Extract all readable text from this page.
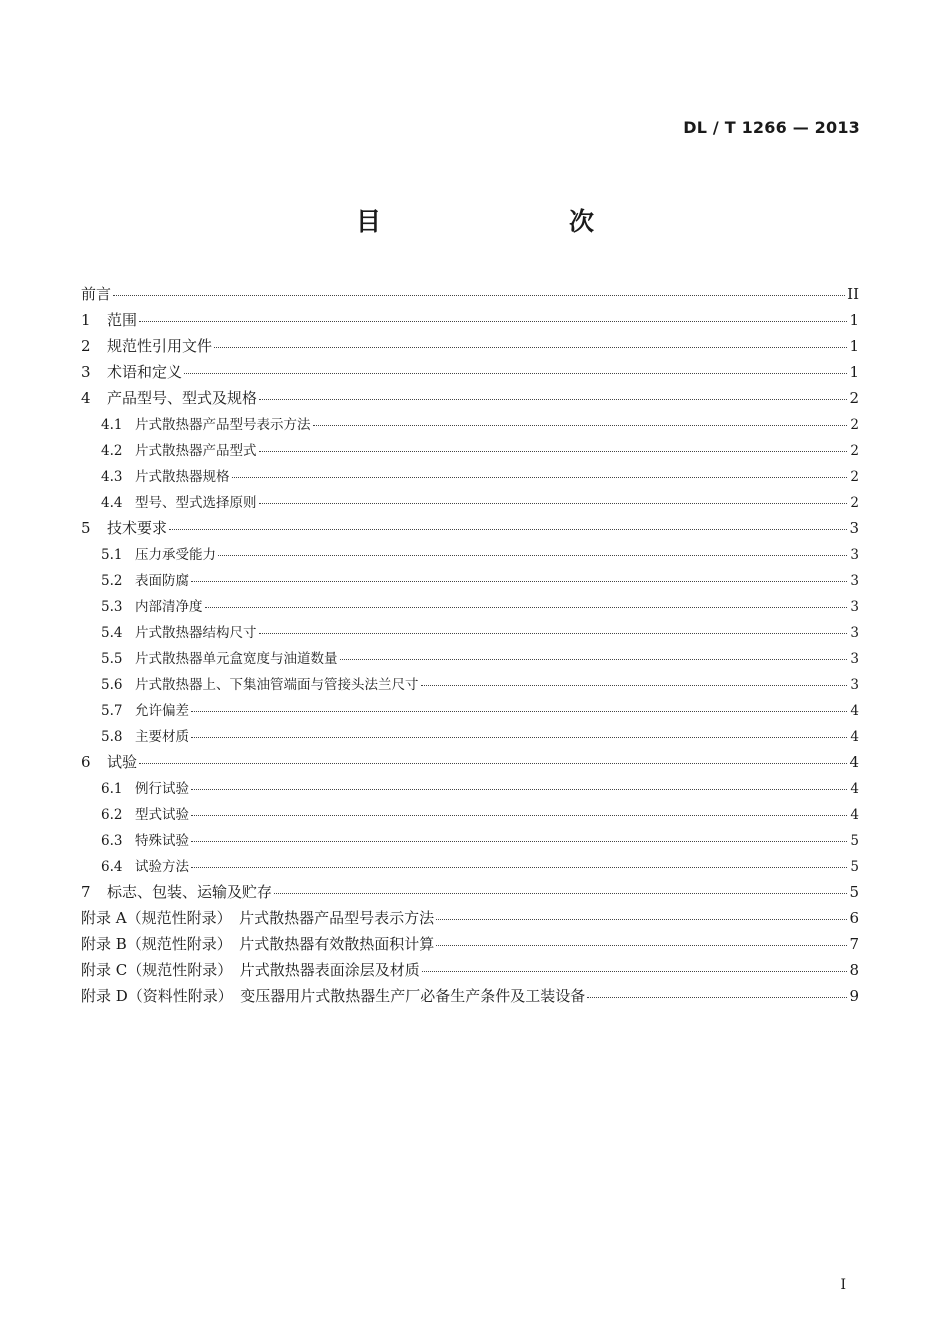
DL / T 1266 — 2013
目　　次
前言	II
1	范围	1
2	规范性引用文件	1
3	术语和定义	1
4	产品型号、型式及规格	2
4.1 片式散热器产品型号表示方法	2
4.2 片式散热器产品型式	2
4.3 片式散热器规格	2
4.4 型号、型式选择原则	2
5	技术要求	3
5.1 压力承受能力	3
5.2 表面防腐	3
5.3 内部清净度	3
5.4 片式散热器结构尺寸	3
5.5 片式散热器单元盒宽度与油道数量	3
5.6 片式散热器上、下集油管端面与管接头法兰尺寸	3
5.7 允许偏差	4
5.8 主要材质	4
6	试验	4
6.1 例行试验	4
6.2 型式试验	4
6.3 特殊试验	5
6.4 试验方法	5
7	标志、包装、运输及贮存	5
附录 A（规范性附录）　片式散热器产品型号表示方法	6
附录 B（规范性附录）　片式散热器有效散热面积计算	7
附录 C（规范性附录）　片式散热器表面涂层及材质	8
附录 D（资料性附录）　变压器用片式散热器生产厂必备生产条件及工装设备	9
I
